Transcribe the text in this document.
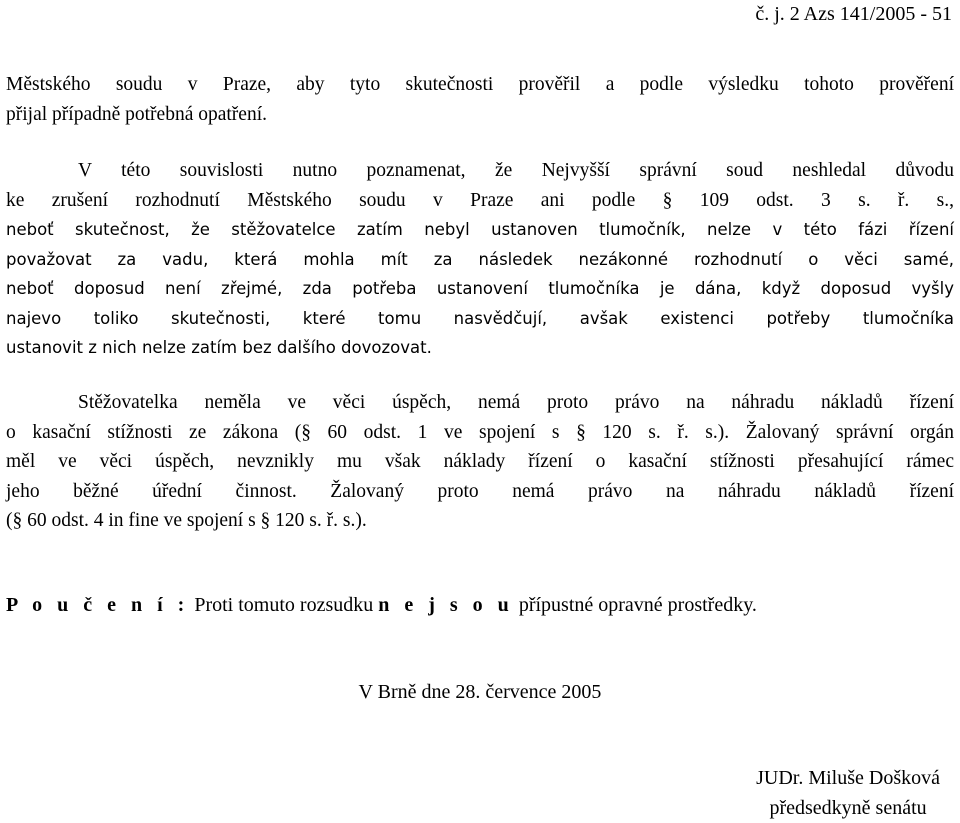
č. j. 2 Azs 141/2005 - 51
Městského soudu v Praze, aby tyto skutečnosti prověřil a podle výsledku tohoto prověření
přijal případně potřebná opatření.
V této souvislosti nutno poznamenat, že Nejvyšší správní soud neshledal důvodu
ke zrušení rozhodnutí Městského soudu v Praze ani podle § 109 odst. 3 s. ř. s.,
neboť skutečnost, že stěžovatelce zatím nebyl ustanoven tlumočník, nelze v této fázi řízení
považovat za vadu, která mohla mít za následek nezákonné rozhodnutí o věci samé,
neboť doposud není zřejmé, zda potřeba ustanovení tlumočníka je dána, když doposud vyšly
najevo toliko skutečnosti, které tomu nasvědčují, avšak existenci potřeby tlumočníka
ustanovit z nich nelze zatím bez dalšího dovozovat.
Stěžovatelka neměla ve věci úspěch, nemá proto právo na náhradu nákladů řízení
o kasační stížnosti ze zákona (§ 60 odst. 1 ve spojení s § 120 s. ř. s.). Žalovaný správní orgán
měl ve věci úspěch, nevznikly mu však náklady řízení o kasační stížnosti přesahující rámec
jeho běžné úřední činnost. Žalovaný proto nemá právo na náhradu nákladů řízení
(§ 60 odst. 4 in fine ve spojení s § 120 s. ř. s.).
P o u č e n í : Proti tomuto rozsudku n e j s o u přípustné opravné prostředky.
V Brně dne 28. července 2005
JUDr. Miluše Došková
předsedkyně senátu
